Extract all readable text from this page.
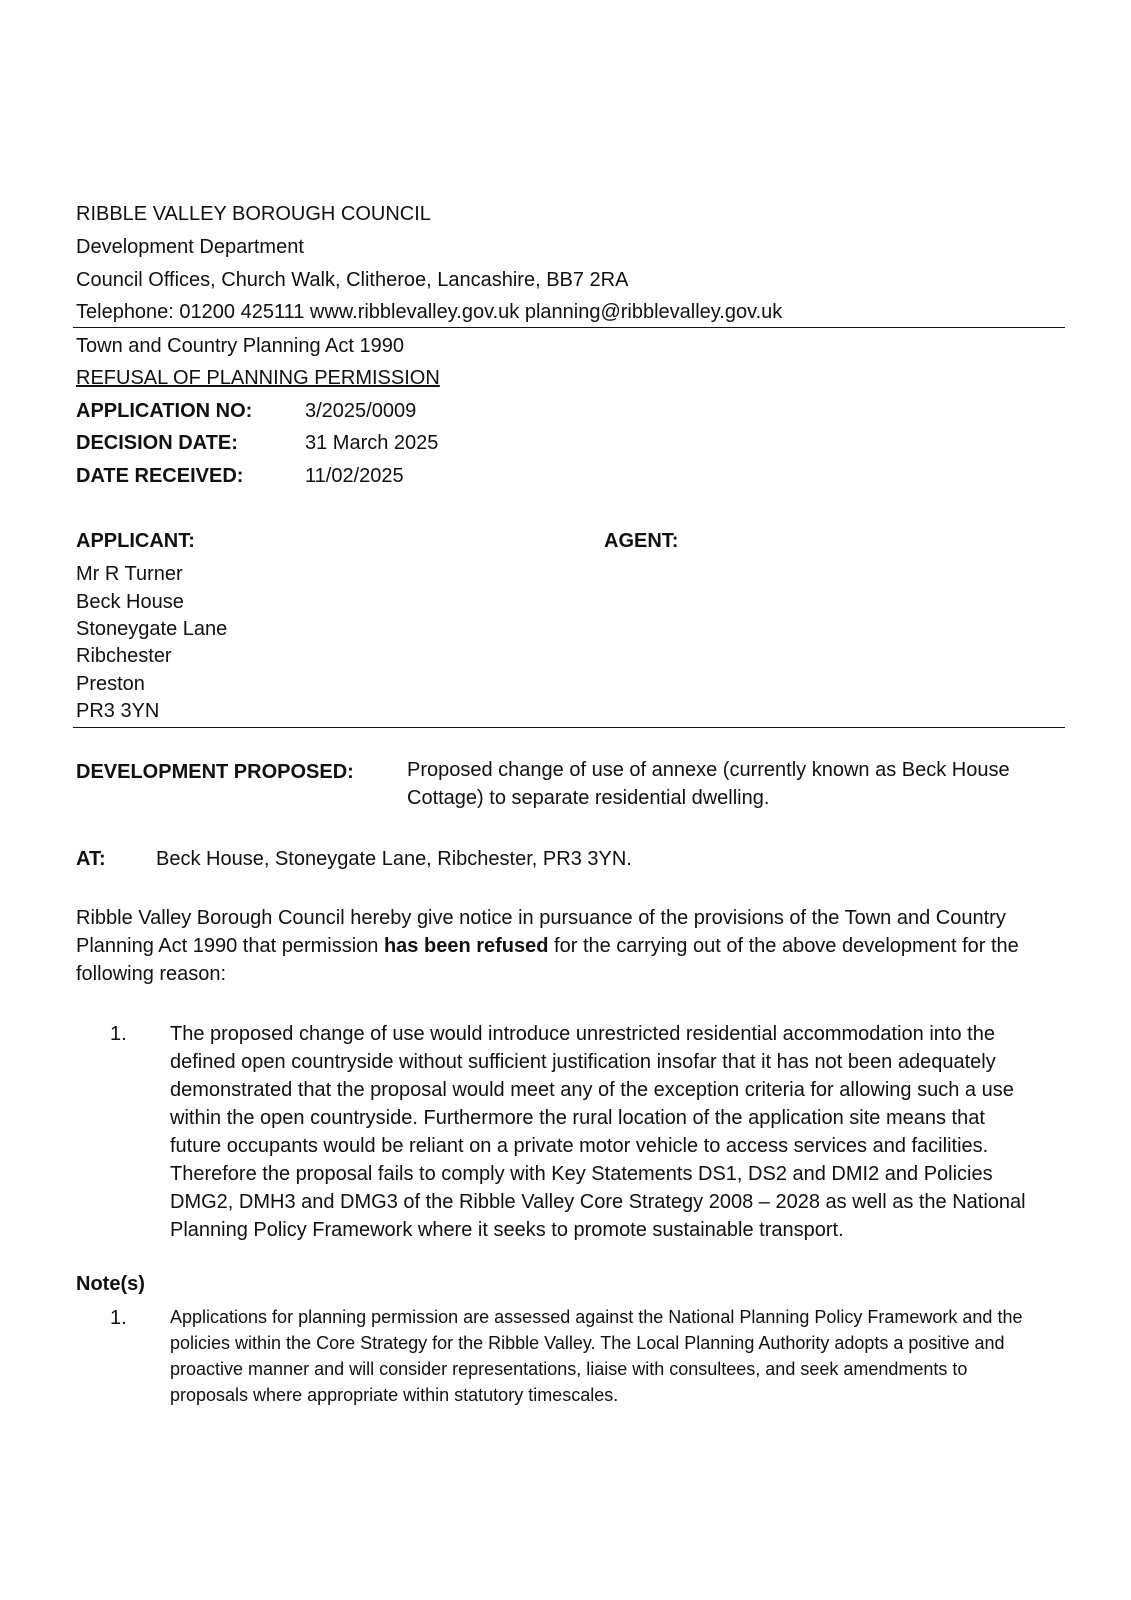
RIBBLE VALLEY BOROUGH COUNCIL
Development Department
Council Offices, Church Walk, Clitheroe, Lancashire, BB7 2RA
Telephone: 01200 425111 www.ribblevalley.gov.uk planning@ribblevalley.gov.uk
Town and Country Planning Act 1990
REFUSAL OF PLANNING PERMISSION
APPLICATION NO:	3/2025/0009
DECISION DATE:	31 March 2025
DATE RECEIVED:	11/02/2025
APPLICANT:	AGENT:
Mr R Turner
Beck House
Stoneygate Lane
Ribchester
Preston
PR3 3YN
DEVELOPMENT PROPOSED:	Proposed change of use of annexe (currently known as Beck House Cottage) to separate residential dwelling.
AT:	Beck House, Stoneygate Lane, Ribchester, PR3 3YN.
Ribble Valley Borough Council hereby give notice in pursuance of the provisions of the Town and Country Planning Act 1990 that permission has been refused for the carrying out of the above development for the following reason:
1. The proposed change of use would introduce unrestricted residential accommodation into the defined open countryside without sufficient justification insofar that it has not been adequately demonstrated that the proposal would meet any of the exception criteria for allowing such a use within the open countryside. Furthermore the rural location of the application site means that future occupants would be reliant on a private motor vehicle to access services and facilities. Therefore the proposal fails to comply with Key Statements DS1, DS2 and DMI2 and Policies DMG2, DMH3 and DMG3 of the Ribble Valley Core Strategy 2008 – 2028 as well as the National Planning Policy Framework where it seeks to promote sustainable transport.
Note(s)
1. Applications for planning permission are assessed against the National Planning Policy Framework and the policies within the Core Strategy for the Ribble Valley. The Local Planning Authority adopts a positive and proactive manner and will consider representations, liaise with consultees, and seek amendments to proposals where appropriate within statutory timescales.
